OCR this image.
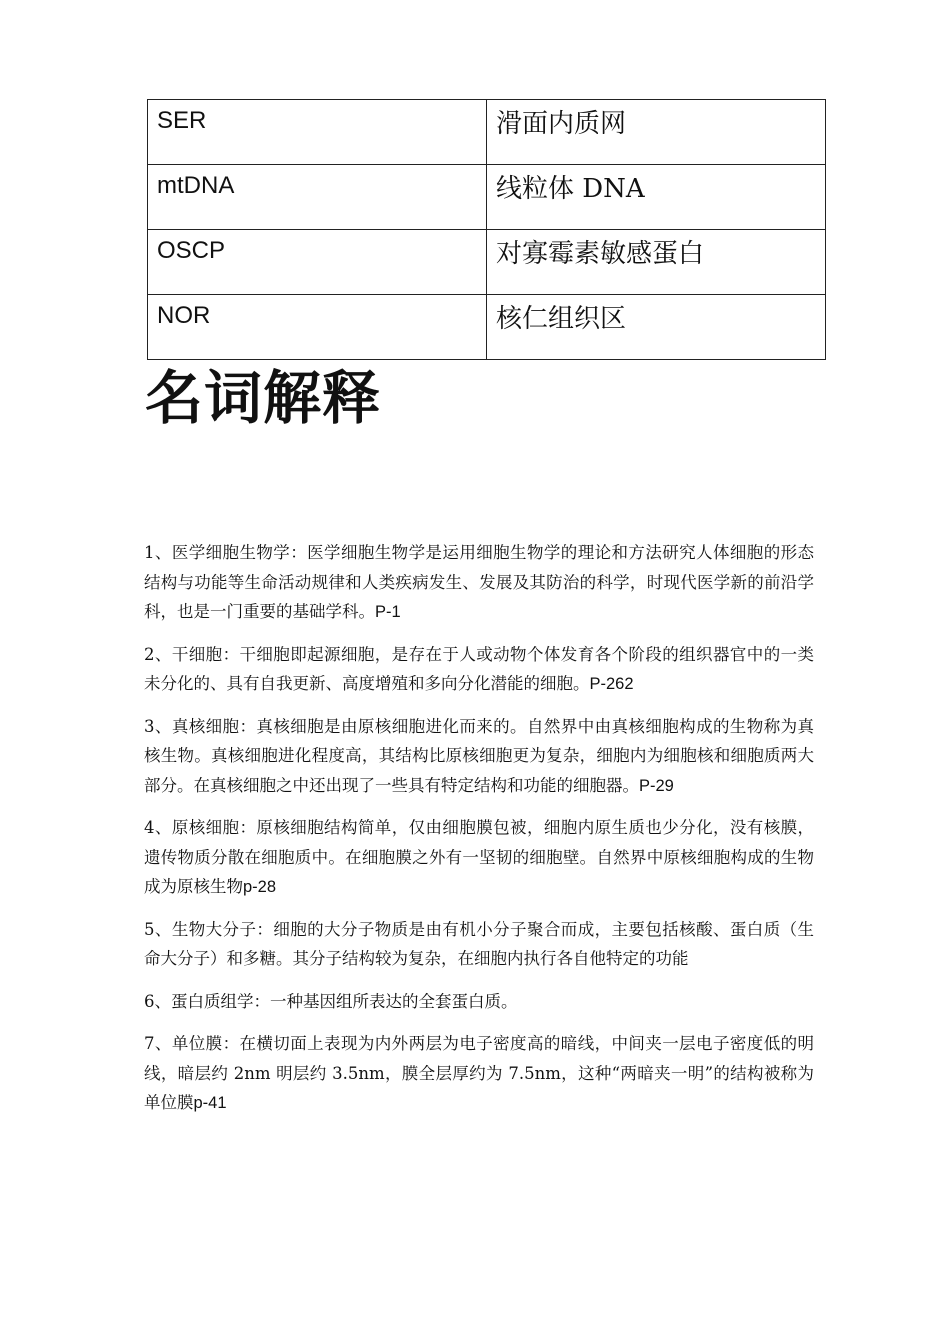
SER	滑面内质网
mtDNA	线粒体 DNA
OSCP	对寡霉素敏感蛋白
NOR	核仁组织区
名词解释

1、医学细胞生物学：医学细胞生物学是运用细胞生物学的理论和方法研究人体细胞的形态结构与功能等生命活动规律和人类疾病发生、发展及其防治的科学，时现代医学新的前沿学科，也是一门重要的基础学科。P-1

2、干细胞：干细胞即起源细胞，是存在于人或动物个体发育各个阶段的组织器官中的一类未分化的、具有自我更新、高度增殖和多向分化潜能的细胞。P-262

3、真核细胞：真核细胞是由原核细胞进化而来的。自然界中由真核细胞构成的生物称为真核生物。真核细胞进化程度高，其结构比原核细胞更为复杂，细胞内为细胞核和细胞质两大部分。在真核细胞之中还出现了一些具有特定结构和功能的细胞器。P-29

4、原核细胞：原核细胞结构简单，仅由细胞膜包被，细胞内原生质也少分化，没有核膜，遗传物质分散在细胞质中。在细胞膜之外有一坚韧的细胞壁。自然界中原核细胞构成的生物成为原核生物p-28

5、生物大分子：细胞的大分子物质是由有机小分子聚合而成，主要包括核酸、蛋白质（生命大分子）和多糖。其分子结构较为复杂，在细胞内执行各自他特定的功能

6、蛋白质组学：一种基因组所表达的全套蛋白质。

7、单位膜：在横切面上表现为内外两层为电子密度高的暗线，中间夹一层电子密度低的明线，暗层约 2nm 明层约 3.5nm，膜全层厚约为 7.5nm，这种“两暗夹一明”的结构被称为单位膜p-41
